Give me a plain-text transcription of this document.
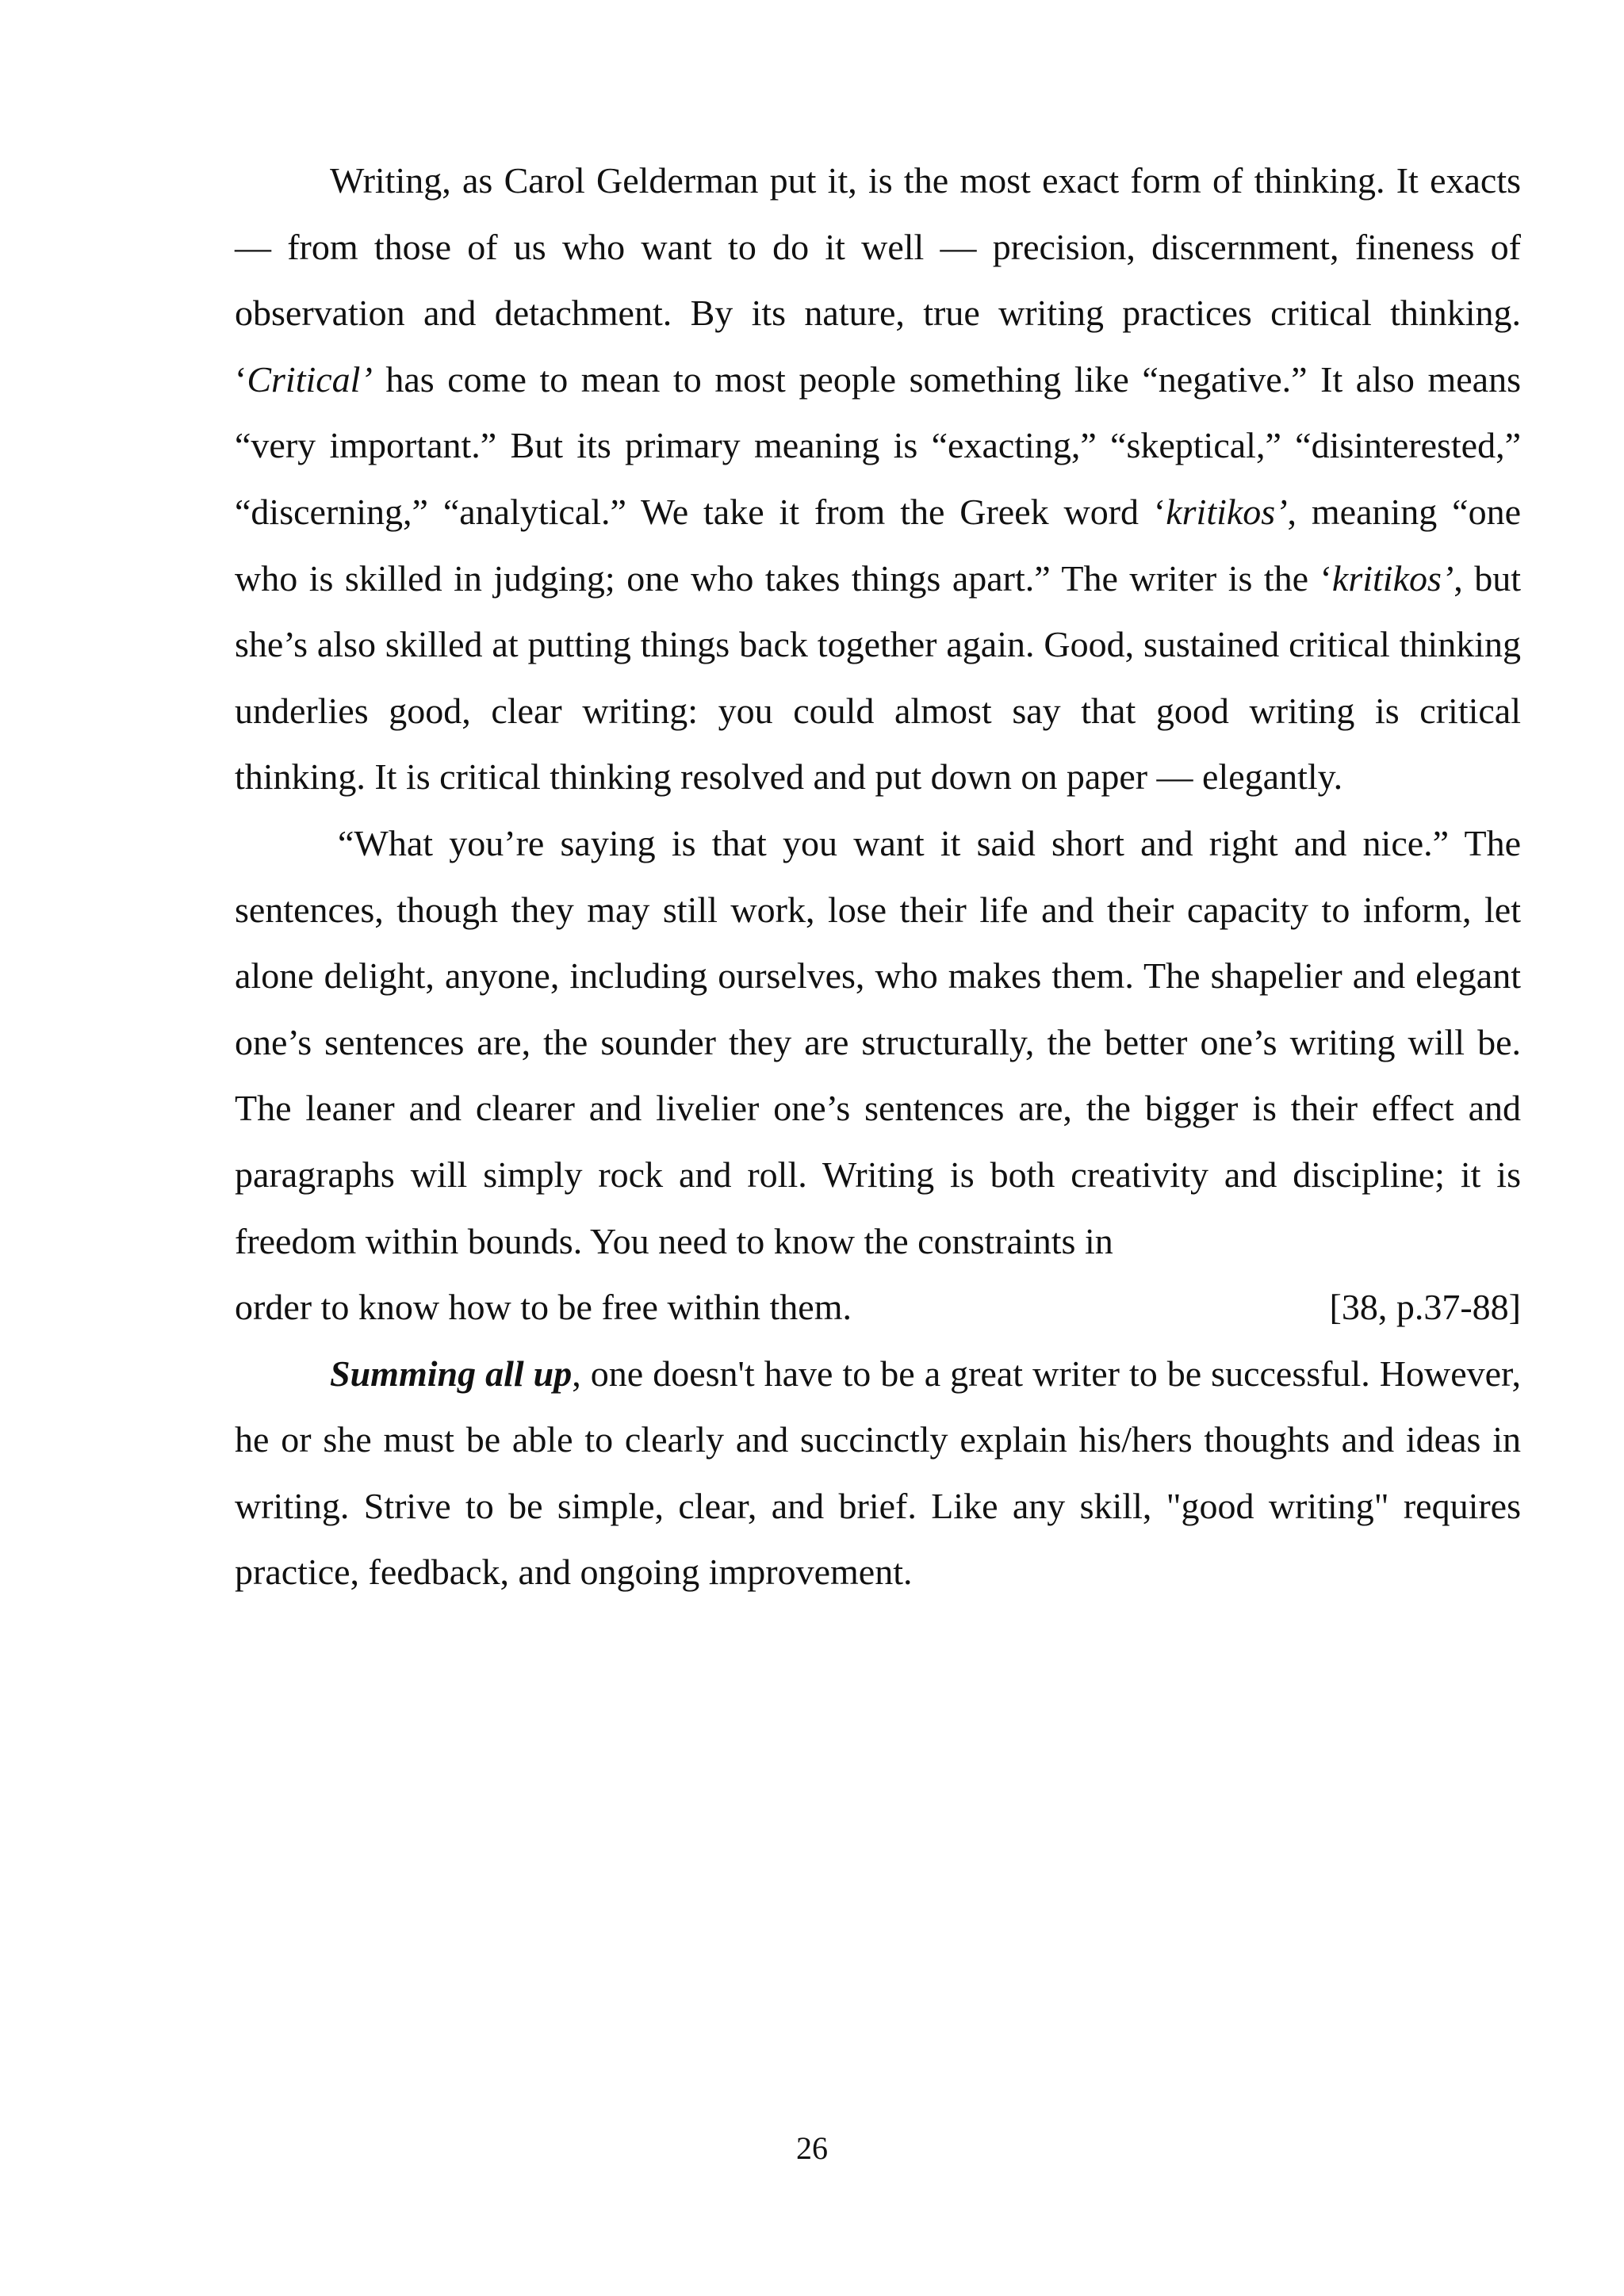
Writing, as Carol Gelderman put it, is the most exact form of thinking. It exacts — from those of us who want to do it well — precision, discernment, fineness of observation and detachment. By its nature, true writing practices critical thinking. ‘Critical’ has come to mean to most people something like “negative.” It also means “very important.” But its primary meaning is “exacting,” “skeptical,” “disinterested,” “discerning,” “analytical.” We take it from the Greek word ‘kritikos’, meaning “one who is skilled in judging; one who takes things apart.” The writer is the ‘kritikos’, but she’s also skilled at putting things back together again. Good, sustained critical thinking underlies good, clear writing: you could almost say that good writing is critical thinking. It is critical thinking resolved and put down on paper — elegantly.

“What you’re saying is that you want it said short and right and nice.” The sentences, though they may still work, lose their life and their capacity to inform, let alone delight, anyone, including ourselves, who makes them. The shapelier and elegant one’s sentences are, the sounder they are structurally, the better one’s writing will be. The leaner and clearer and livelier one’s sentences are, the bigger is their effect and paragraphs will simply rock and roll. Writing is both creativity and discipline; it is freedom within bounds. You need to know the constraints in

order to know how to be free within them.	[38, p.37-88]

Summing all up, one doesn't have to be a great writer to be successful. However, he or she must be able to clearly and succinctly explain his/hers thoughts and ideas in writing. Strive to be simple, clear, and brief. Like any skill, "good writing" requires practice, feedback, and ongoing improvement.

26
